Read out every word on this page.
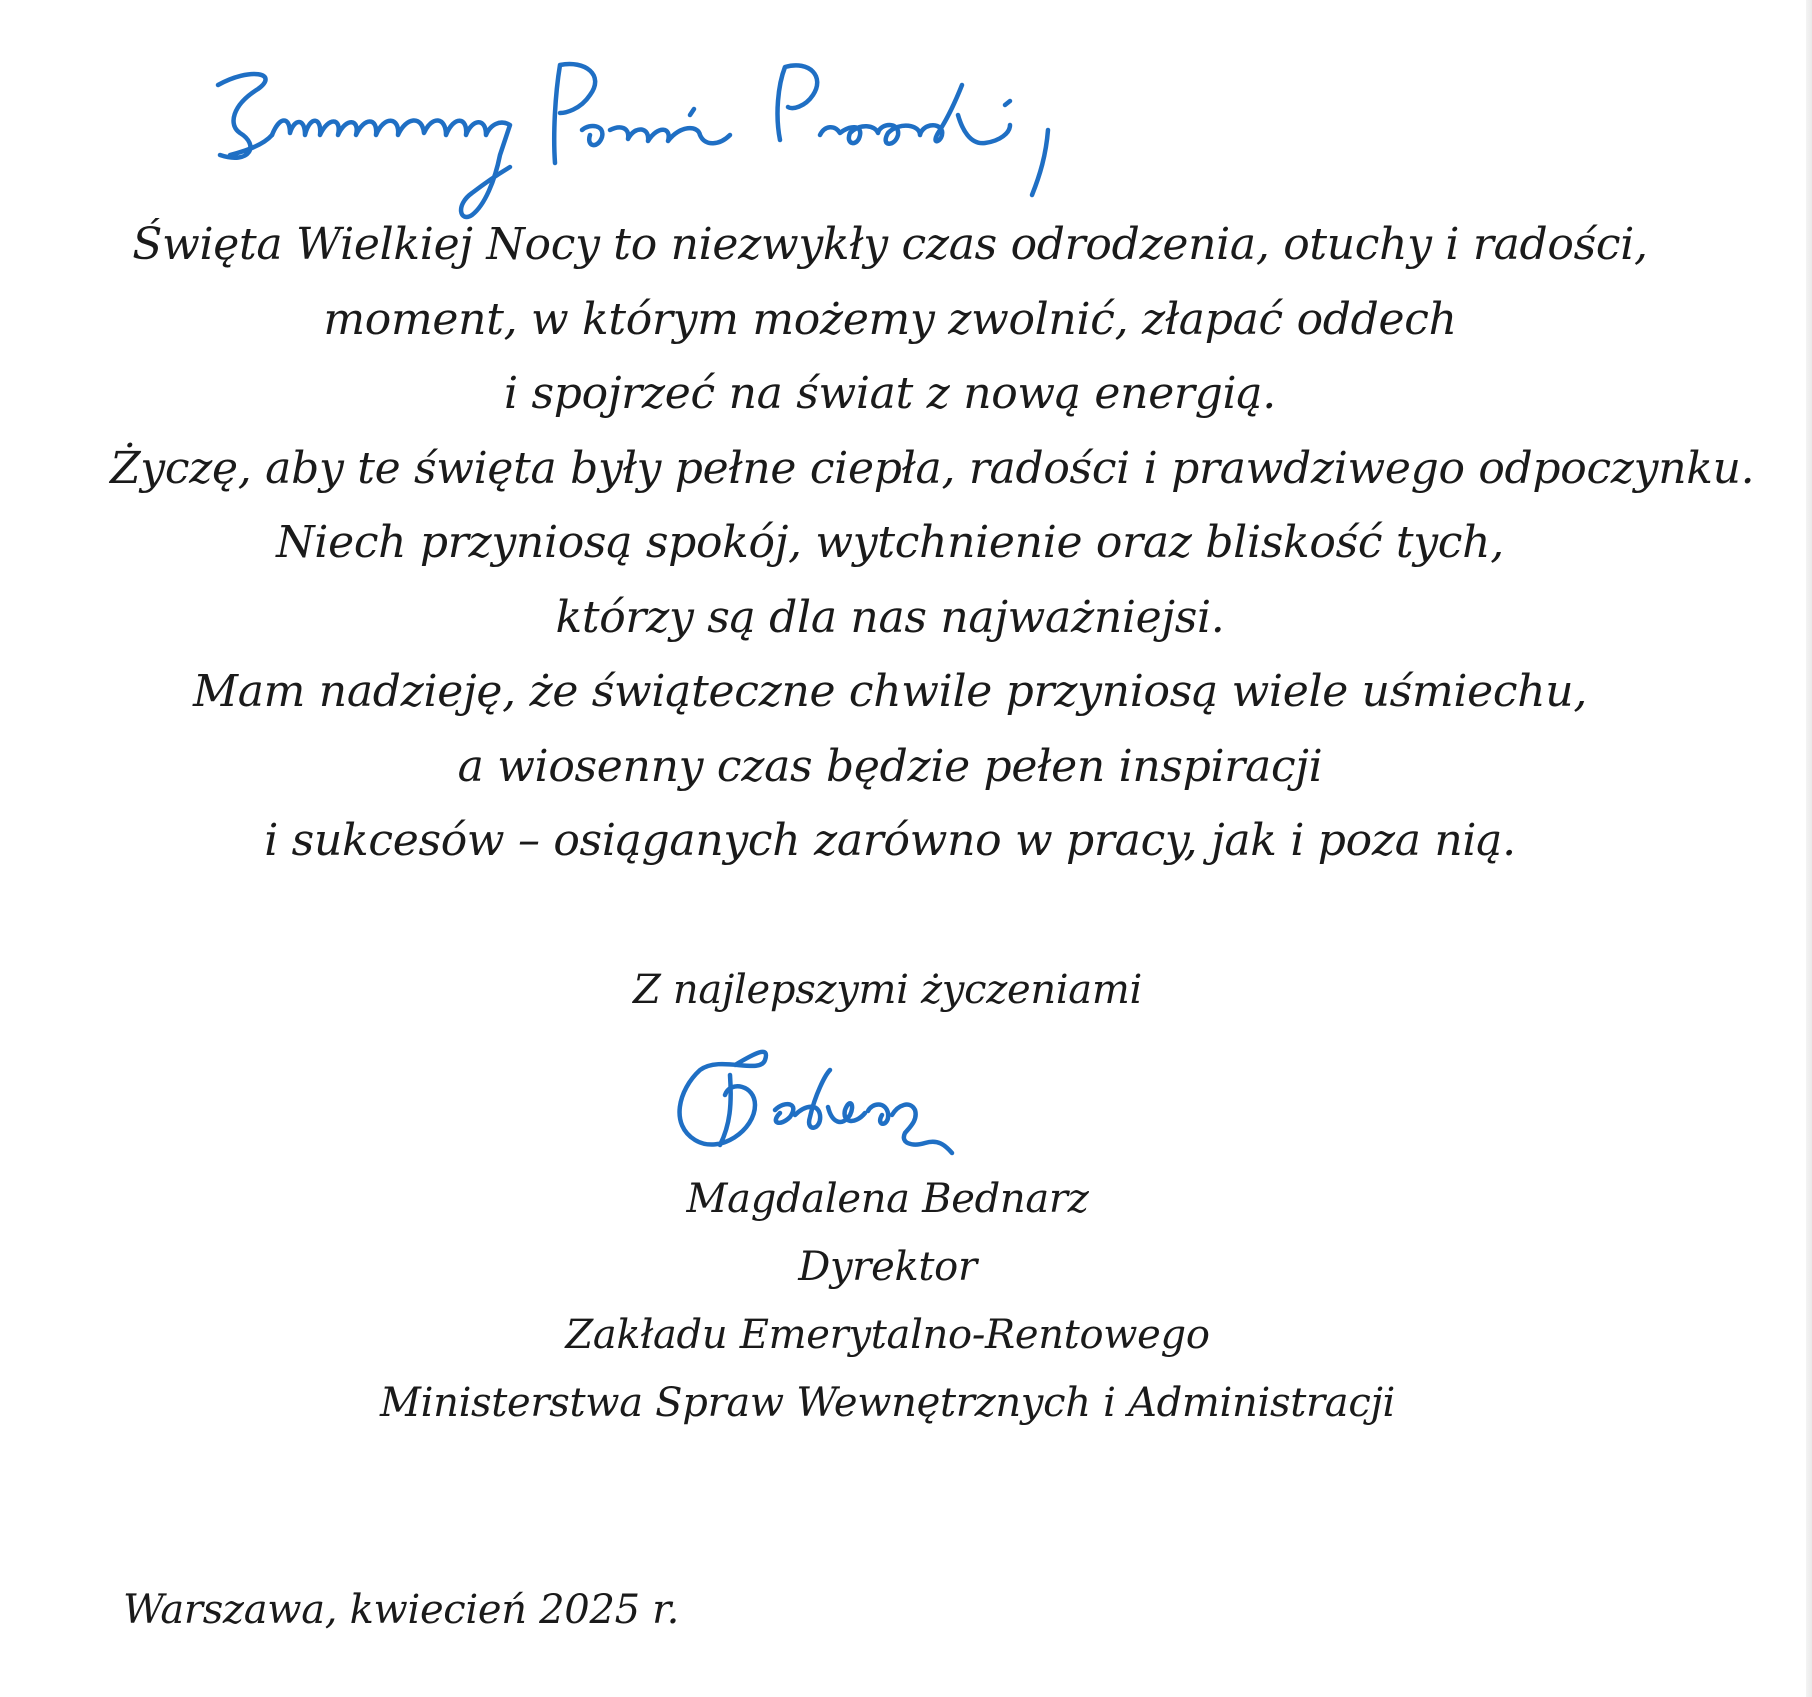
Święta Wielkiej Nocy to niezwykły czas odrodzenia, otuchy i radości,
moment, w którym możemy zwolnić, złapać oddech
i spojrzeć na świat z nową energią.
Życzę, aby te święta były pełne ciepła, radości i prawdziwego odpoczynku.
Niech przyniosą spokój, wytchnienie oraz bliskość tych,
którzy są dla nas najważniejsi.
Mam nadzieję, że świąteczne chwile przyniosą wiele uśmiechu,
a wiosenny czas będzie pełen inspiracji
i sukcesów – osiąganych zarówno w pracy, jak i poza nią.
Z najlepszymi życzeniami
Magdalena Bednarz
Dyrektor
Zakładu Emerytalno-Rentowego
Ministerstwa Spraw Wewnętrznych i Administracji
Warszawa, kwiecień 2025 r.
